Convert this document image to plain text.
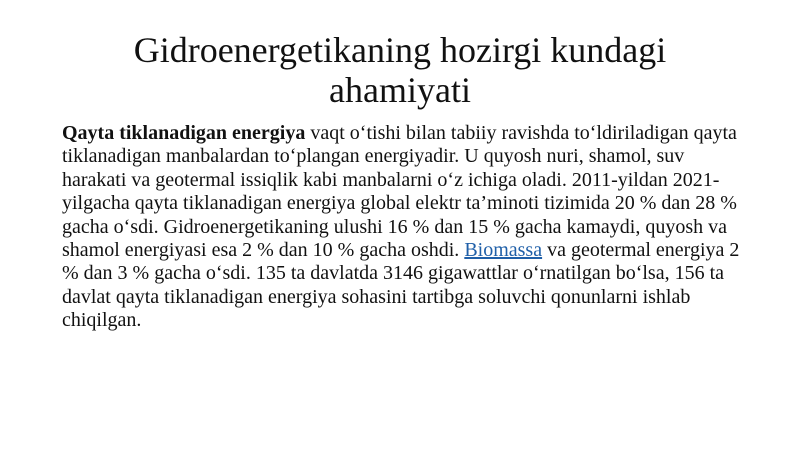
Gidroenergetikaning hozirgi kundagi
ahamiyati

Qayta tiklanadigan energiya vaqt o‘tishi bilan tabiiy ravishda to‘ldiriladigan qayta tiklanadigan manbalardan to‘plangan energiyadir. U quyosh nuri, shamol, suv harakati va geotermal issiqlik kabi manbalarni o‘z ichiga oladi. 2011-yildan 2021-yilgacha qayta tiklanadigan energiya global elektr ta’minoti tizimida 20 % dan 28 % gacha o‘sdi. Gidroenergetikaning ulushi 16 % dan 15 % gacha kamaydi, quyosh va shamol energiyasi esa 2 % dan 10 % gacha oshdi. Biomassa va geotermal energiya 2 % dan 3 % gacha o‘sdi. 135 ta davlatda 3146 gigawattlar o‘rnatilgan bo‘lsa, 156 ta davlat qayta tiklanadigan energiya sohasini tartibga soluvchi qonunlarni ishlab chiqilgan.
